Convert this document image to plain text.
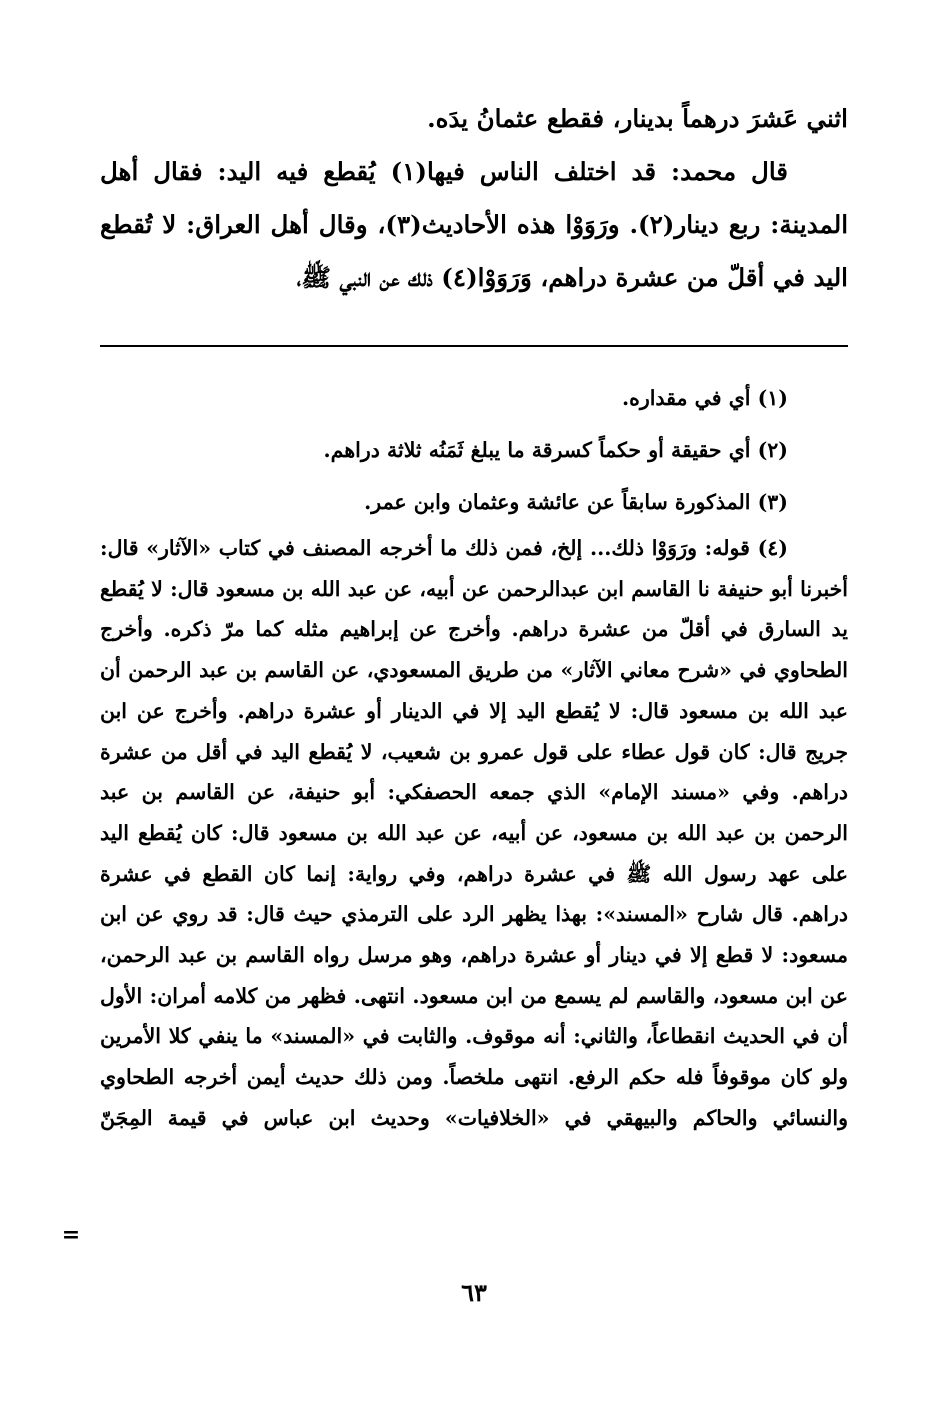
اثني عَشرَ درهماً بدينار، فقطع عثمانُ يدَه.

قال محمد: قد اختلف الناس فيها(١) يُقطع فيه اليد: فقال أهل المدينة: ربع دينار(٢). ورَوَوْا هذه الأحاديث(٣)، وقال أهل العراق: لا تُقطع اليد في أقلّ من عشرة دراهم، وَرَوَوْا(٤) ذلك عن النبي ﷺ،

(١) أي في مقداره.

(٢) أي حقيقة أو حكماً كسرقة ما يبلغ ثَمَنُه ثلاثة دراهم.

(٣) المذكورة سابقاً عن عائشة وعثمان وابن عمر.

(٤) قوله: ورَوَوْا ذلك... إلخ، فمن ذلك ما أخرجه المصنف في كتاب «الآثار» قال: أخبرنا أبو حنيفة نا القاسم ابن عبدالرحمن عن أبيه، عن عبد الله بن مسعود قال: لا يُقطع يد السارق في أقلّ من عشرة دراهم. وأخرج عن إبراهيم مثله كما مرّ ذكره. وأخرج الطحاوي في «شرح معاني الآثار» من طريق المسعودي، عن القاسم بن عبد الرحمن أن عبد الله بن مسعود قال: لا يُقطع اليد إلا في الدينار أو عشرة دراهم. وأخرج عن ابن جريج قال: كان قول عطاء على قول عمرو بن شعيب، لا يُقطع اليد في أقل من عشرة دراهم. وفي «مسند الإمام» الذي جمعه الحصفكي: أبو حنيفة، عن القاسم بن عبد الرحمن بن عبد الله بن مسعود، عن أبيه، عن عبد الله بن مسعود قال: كان يُقطع اليد على عهد رسول الله ﷺ في عشرة دراهم، وفي رواية: إنما كان القطع في عشرة دراهم. قال شارح «المسند»: بهذا يظهر الرد على الترمذي حيث قال: قد روي عن ابن مسعود: لا قطع إلا في دينار أو عشرة دراهم، وهو مرسل رواه القاسم بن عبد الرحمن، عن ابن مسعود، والقاسم لم يسمع من ابن مسعود. انتهى. فظهر من كلامه أمران: الأول أن في الحديث انقطاعاً، والثاني: أنه موقوف. والثابت في «المسند» ما ينفي كلا الأمرين ولو كان موقوفاً فله حكم الرفع. انتهى ملخصاً. ومن ذلك حديث أيمن أخرجه الطحاوي والنسائي والحاكم والبيهقي في «الخلافيات» وحديث ابن عباس في قيمة المِجَنّ

=
٦٣
